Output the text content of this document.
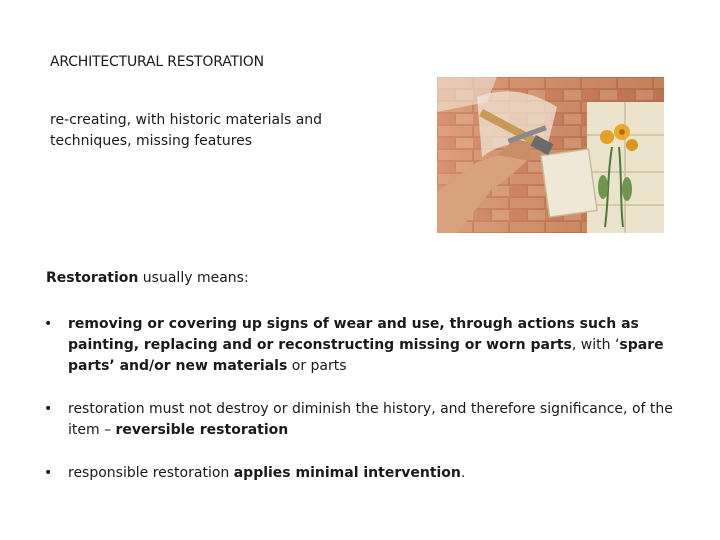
ARCHITECTURAL RESTORATION
re-creating, with historic materials and techniques, missing features
Restoration usually means:
• removing or covering up signs of wear and use, through actions such as painting, replacing and or reconstructing missing or worn parts, with ‘spare parts’ and/or new materials or parts
• restoration must not destroy or diminish the history, and therefore significance, of the item – reversible restoration
• responsible restoration applies minimal intervention.
